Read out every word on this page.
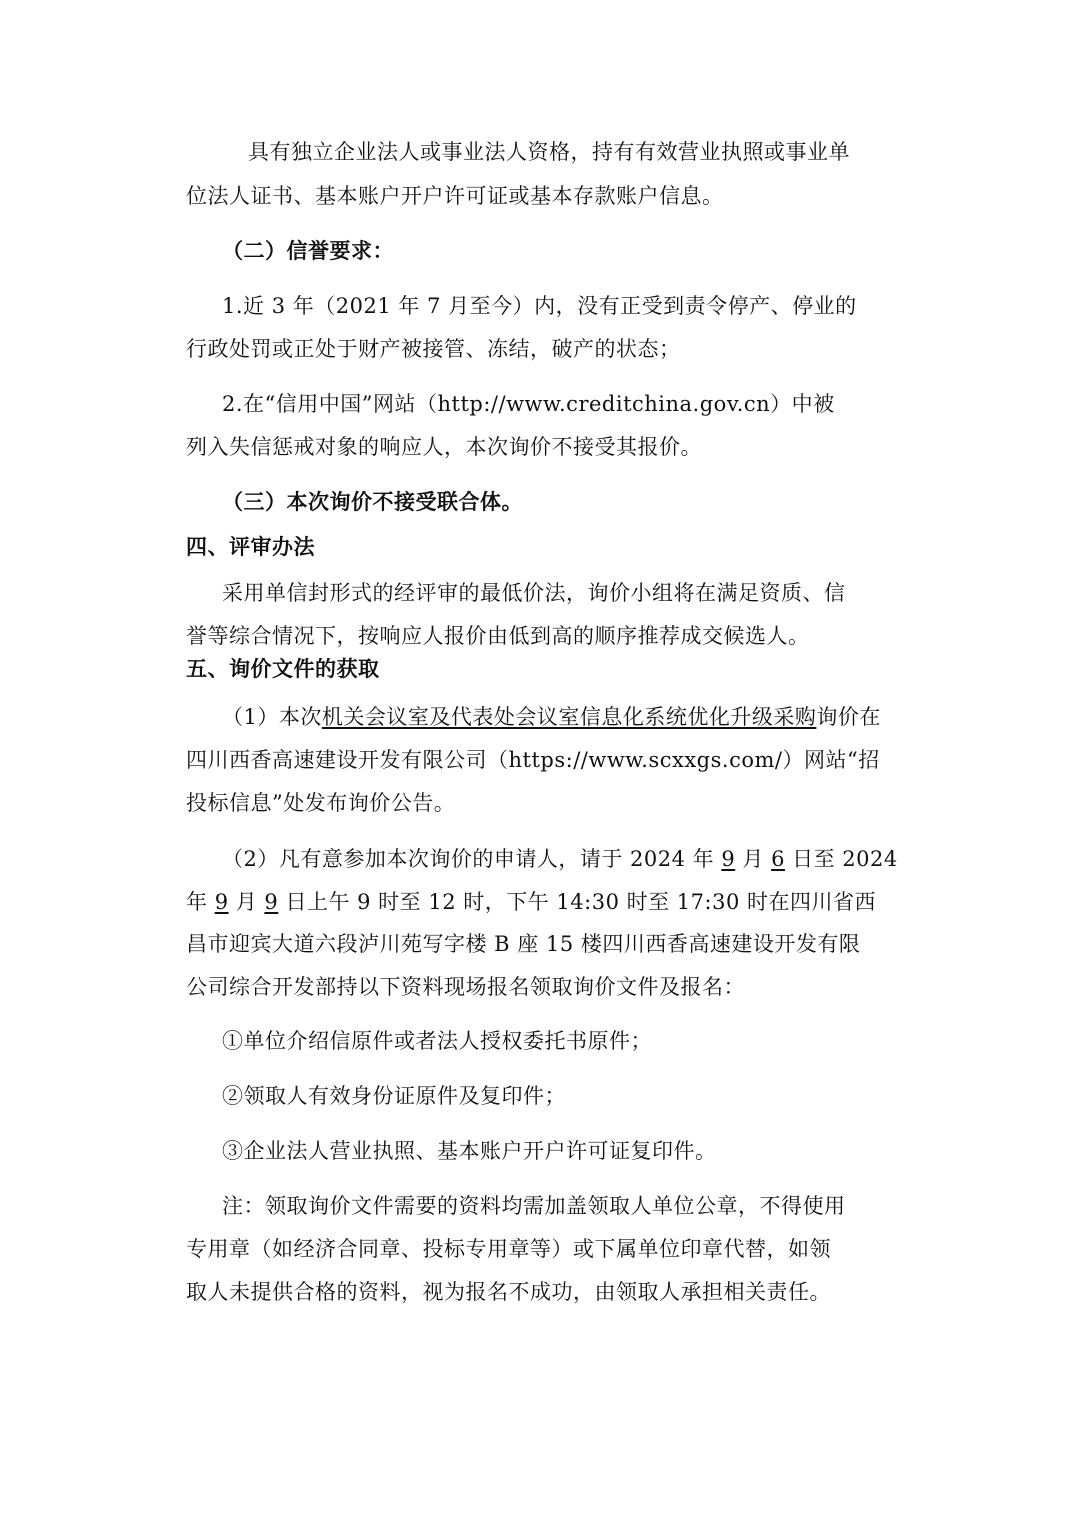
具有独立企业法人或事业法人资格，持有有效营业执照或事业单
位法人证书、基本账户开户许可证或基本存款账户信息。
（二）信誉要求：
1.近 3 年（2021 年 7 月至今）内，没有正受到责令停产、停业的
行政处罚或正处于财产被接管、冻结，破产的状态；
2.在“信用中国”网站（http://www.creditchina.gov.cn）中被
列入失信惩戒对象的响应人，本次询价不接受其报价。
（三）本次询价不接受联合体。
四、评审办法
采用单信封形式的经评审的最低价法，询价小组将在满足资质、信
誉等综合情况下，按响应人报价由低到高的顺序推荐成交候选人。
五、询价文件的获取
（1）本次机关会议室及代表处会议室信息化系统优化升级采购询价在
四川西香高速建设开发有限公司（https://www.scxxgs.com/）网站“招
投标信息”处发布询价公告。
（2）凡有意参加本次询价的申请人，请于 2024 年 9 月 6 日至 2024
年 9 月 9 日上午 9 时至 12 时，下午 14:30 时至 17:30 时在四川省西
昌市迎宾大道六段泸川苑写字楼 B 座 15 楼四川西香高速建设开发有限
公司综合开发部持以下资料现场报名领取询价文件及报名：
①单位介绍信原件或者法人授权委托书原件；
②领取人有效身份证原件及复印件；
③企业法人营业执照、基本账户开户许可证复印件。
注：领取询价文件需要的资料均需加盖领取人单位公章，不得使用
专用章（如经济合同章、投标专用章等）或下属单位印章代替，如领
取人未提供合格的资料，视为报名不成功，由领取人承担相关责任。
